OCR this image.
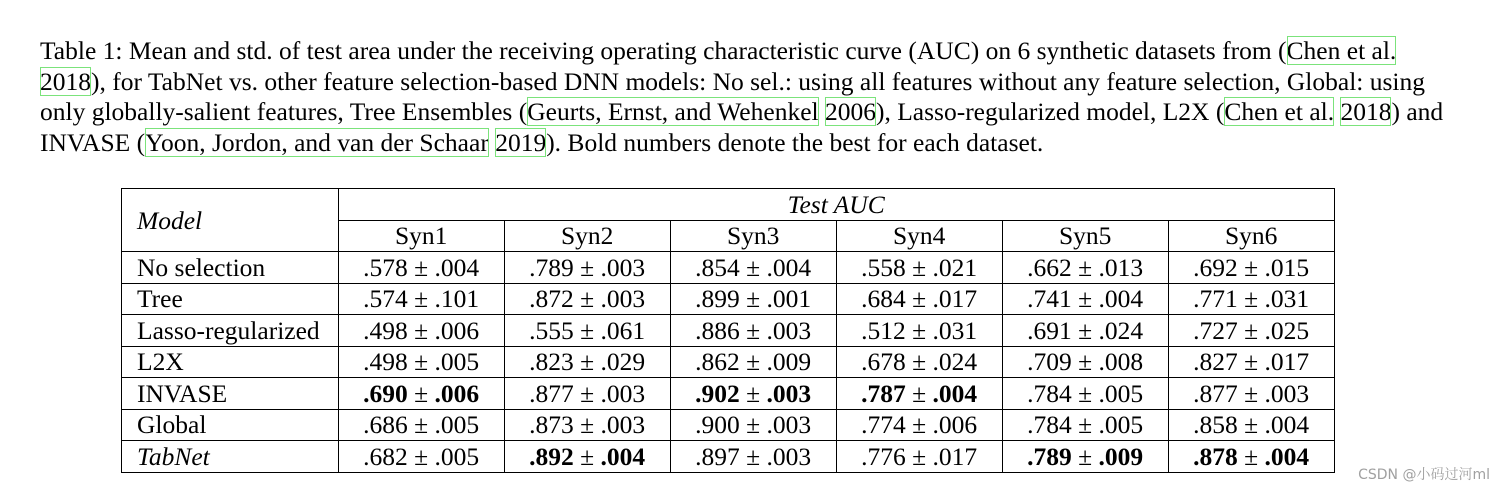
Table 1: Mean and std. of test area under the receiving operating characteristic curve (AUC) on 6 synthetic datasets from (Chen et al. 2018), for TabNet vs. other feature selection-based DNN models: No sel.: using all features without any feature selection, Global: using only globally-salient features, Tree Ensembles (Geurts, Ernst, and Wehenkel 2006), Lasso-regularized model, L2X (Chen et al. 2018) and INVASE (Yoon, Jordon, and van der Schaar 2019). Bold numbers denote the best for each dataset.

Model	Test AUC					
	Syn1	Syn2	Syn3	Syn4	Syn5	Syn6
No selection	.578 ± .004	.789 ± .003	.854 ± .004	.558 ± .021	.662 ± .013	.692 ± .015
Tree	.574 ± .101	.872 ± .003	.899 ± .001	.684 ± .017	.741 ± .004	.771 ± .031
Lasso-regularized	.498 ± .006	.555 ± .061	.886 ± .003	.512 ± .031	.691 ± .024	.727 ± .025
L2X	.498 ± .005	.823 ± .029	.862 ± .009	.678 ± .024	.709 ± .008	.827 ± .017
INVASE	.690 ± .006	.877 ± .003	.902 ± .003	.787 ± .004	.784 ± .005	.877 ± .003
Global	.686 ± .005	.873 ± .003	.900 ± .003	.774 ± .006	.784 ± .005	.858 ± .004
TabNet	.682 ± .005	.892 ± .004	.897 ± .003	.776 ± .017	.789 ± .009	.878 ± .004
CSDN @小码过河ml
